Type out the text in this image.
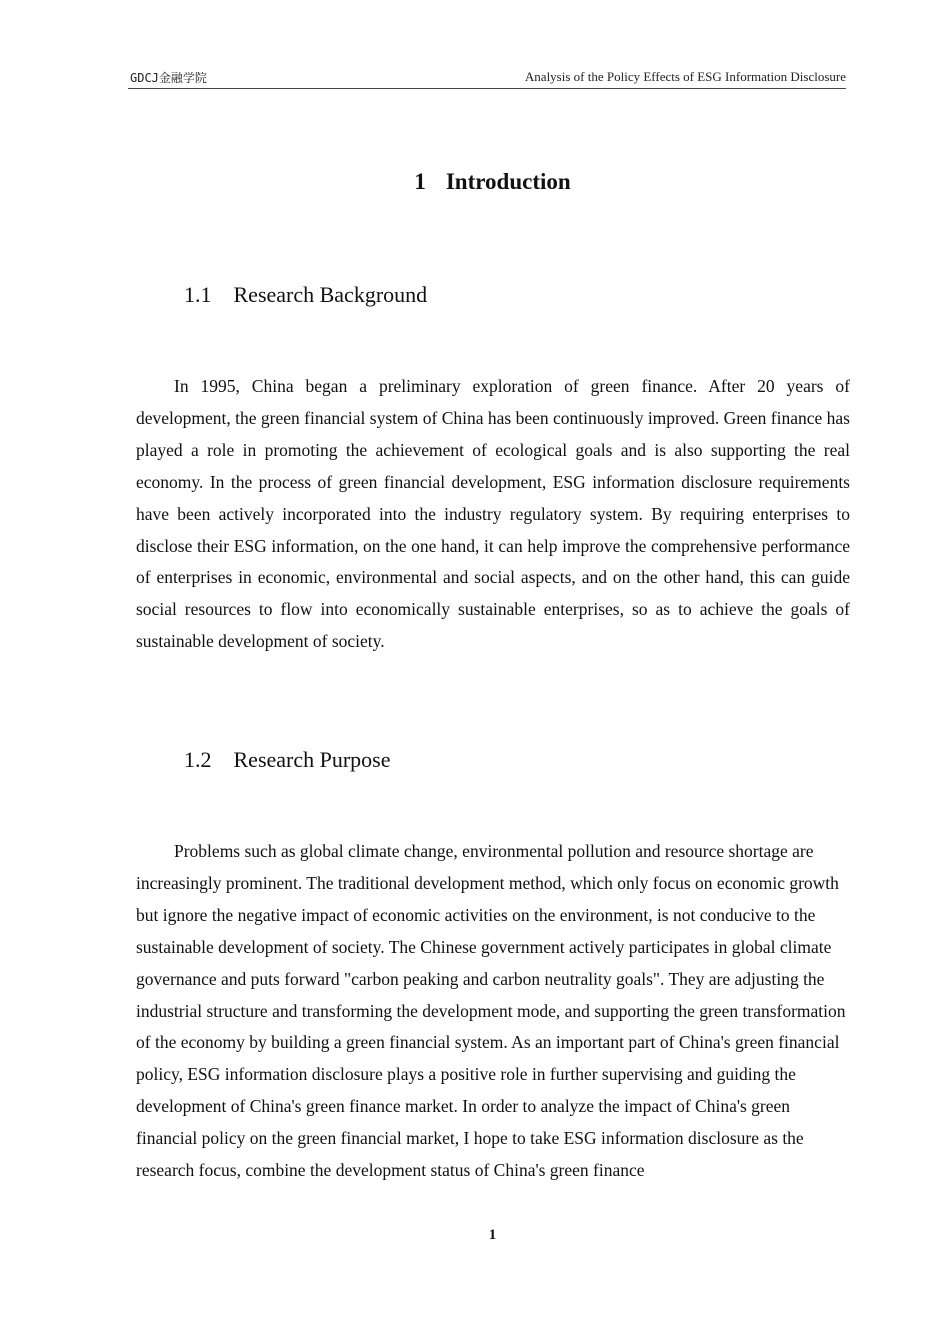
GDCJ金融学院	Analysis of the Policy Effects of ESG Information Disclosure
1 Introduction
1.1 Research Background

In 1995, China began a preliminary exploration of green finance. After 20 years of development, the green financial system of China has been continuously improved. Green finance has played a role in promoting the achievement of ecological goals and is also supporting the real economy. In the process of green financial development, ESG information disclosure requirements have been actively incorporated into the industry regulatory system. By requiring enterprises to disclose their ESG information, on the one hand, it can help improve the comprehensive performance of enterprises in economic, environmental and social aspects, and on the other hand, this can guide social resources to flow into economically sustainable enterprises, so as to achieve the goals of sustainable development of society.

1.2 Research Purpose

Problems such as global climate change, environmental pollution and resource shortage are increasingly prominent. The traditional development method, which only focus on economic growth but ignore the negative impact of economic activities on the environment, is not conducive to the sustainable development of society. The Chinese government actively participates in global climate governance and puts forward "carbon peaking and carbon neutrality goals". They are adjusting the industrial structure and transforming the development mode, and supporting the green transformation of the economy by building a green financial system. As an important part of China's green financial policy, ESG information disclosure plays a positive role in further supervising and guiding the development of China's green finance market. In order to analyze the impact of China's green financial policy on the green financial market, I hope to take ESG information disclosure as the research focus, combine the development status of China's green finance

1
